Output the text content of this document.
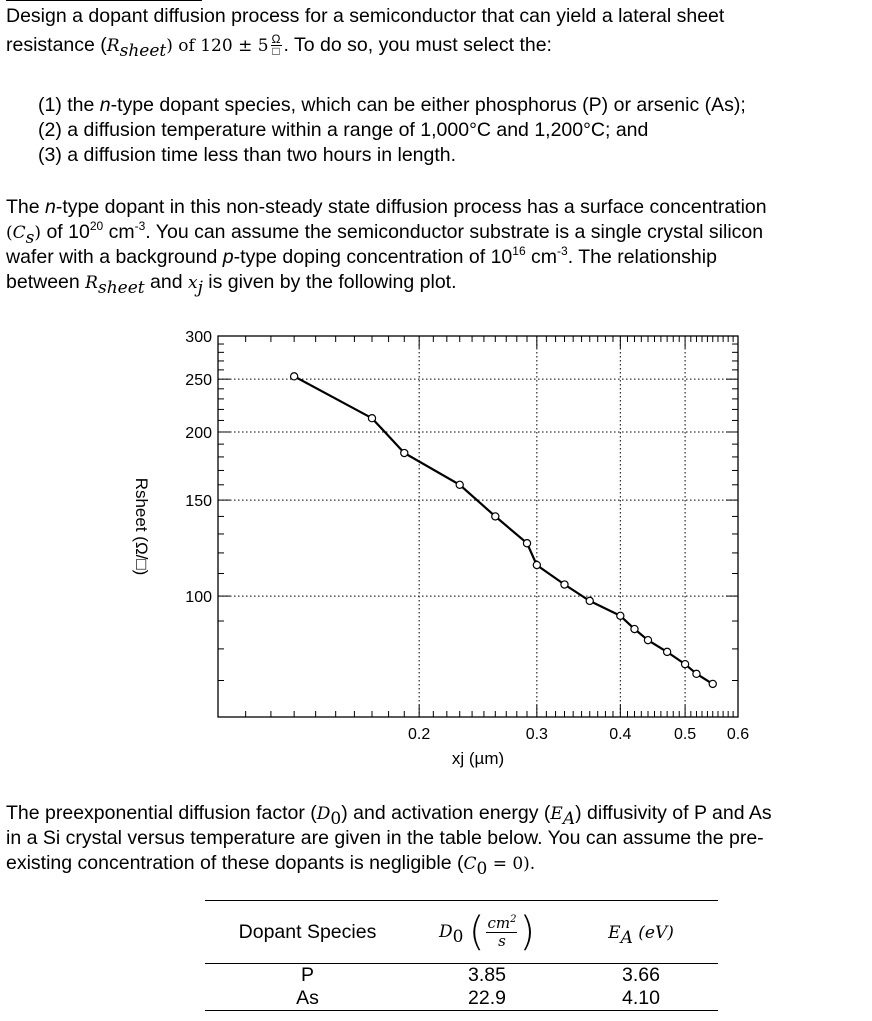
Design a dopant diffusion process for a semiconductor that can yield a lateral sheet

resistance $(R_{sheet})$ of $120 \pm 5 \frac{\Omega}{□}$ . To do so, you must select the:

(1) the n-type dopant species, which can be either phosphorus (P) or arsenic (As);
(2) a diffusion temperature within a range of 1,000°C and 1,200°C; and
(3) a diffusion time less than two hours in length.

The n-type dopant in this non-steady state diffusion process has a surface concentration

$(C_s)$ of $10^{20}$ $cm^{-3}$. You can assume the semiconductor substrate is a single crystal silicon

wafer with a background p-type doping concentration of $10^{16}$ $cm^{-3}$. The relationship

between $R_{sheet}$ and $x_j$ is given by the following plot.

0.2	0.3	0.4	0.5 0.6
100
150
200
250
300
xj (µm)
Rsheet (Ω/□)

The preexponential diffusion factor $(D_0)$ and activation energy $(E_A)$ diffusivity of P and As

in a Si crystal versus temperature are given in the table below. You can assume the pre-

existing concentration of these dopants is negligible $(C_0 = 0)$.

Dopant Species	$D_0$ ( $\frac{cm^2}{s}$ )	$E_A$ (eV)
P	3.85	3.66
As	22.9	4.10
